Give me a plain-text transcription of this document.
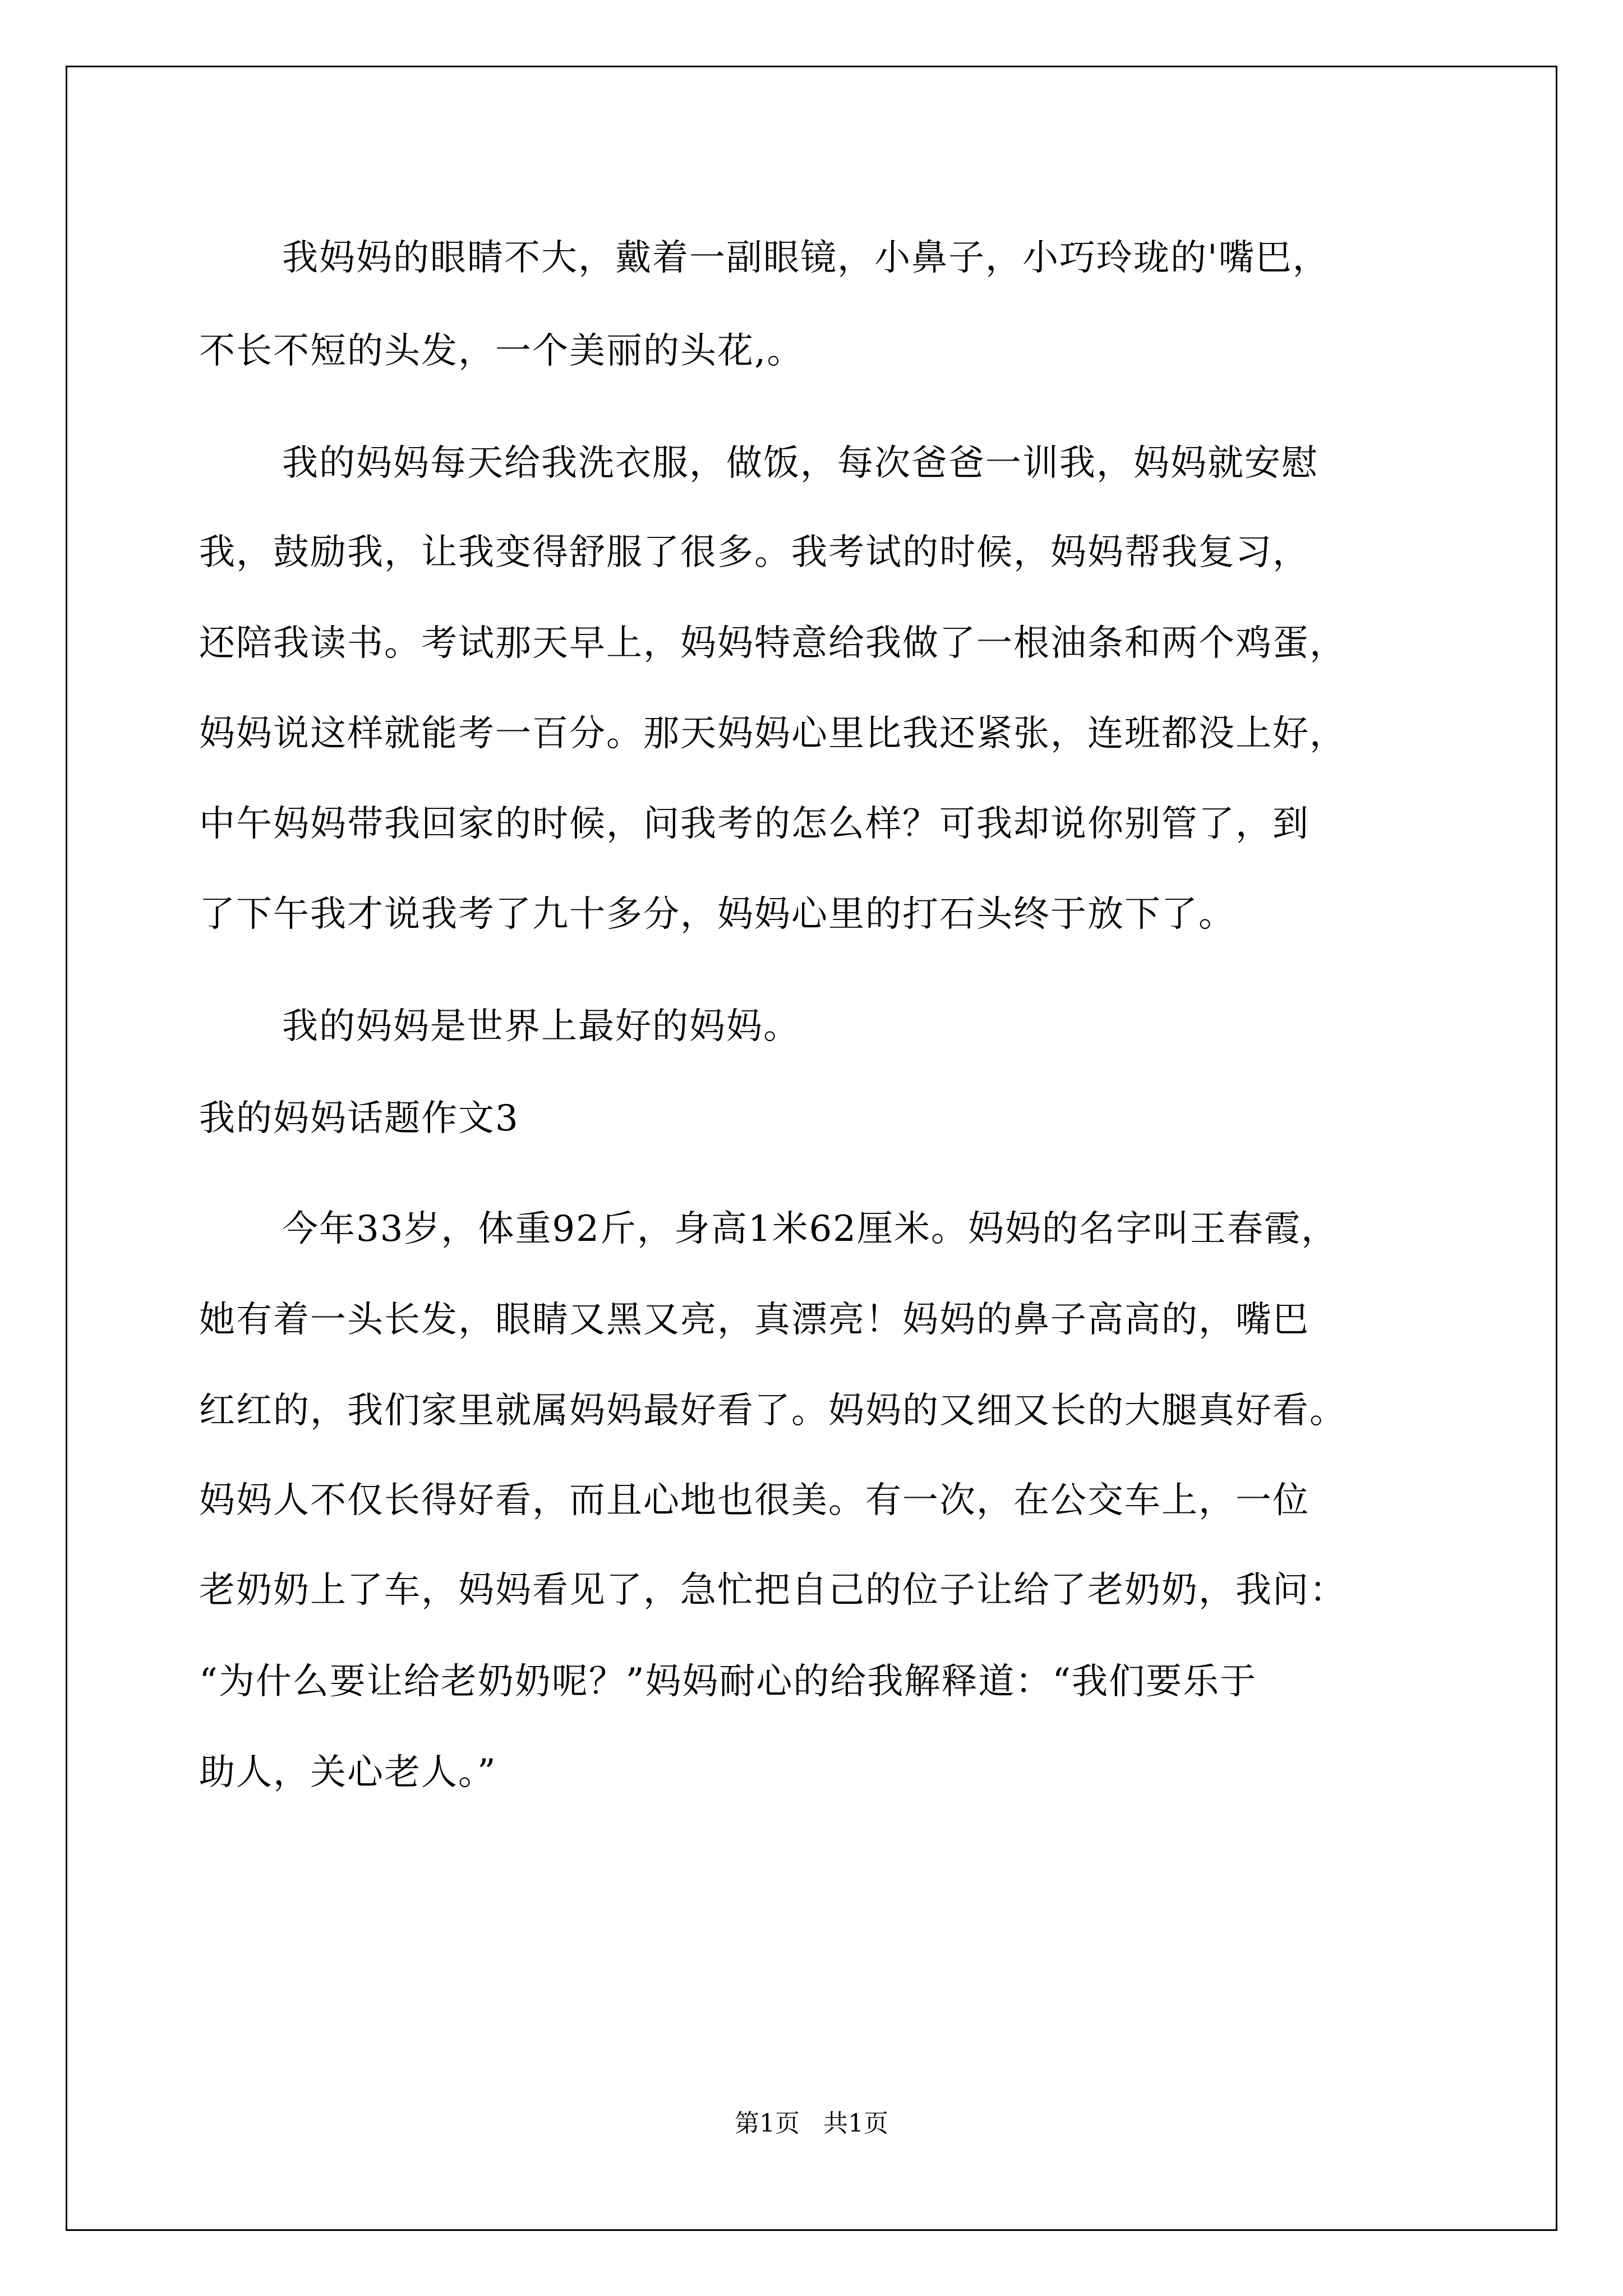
我妈妈的眼睛不大，戴着一副眼镜，小鼻子，小巧玲珑的'嘴巴，
不长不短的头发，一个美丽的头花,。
我的妈妈每天给我洗衣服，做饭，每次爸爸一训我，妈妈就安慰
我，鼓励我，让我变得舒服了很多。我考试的时候，妈妈帮我复习，
还陪我读书。考试那天早上，妈妈特意给我做了一根油条和两个鸡蛋，
妈妈说这样就能考一百分。那天妈妈心里比我还紧张，连班都没上好，
中午妈妈带我回家的时候，问我考的怎么样？可我却说你别管了，到
了下午我才说我考了九十多分，妈妈心里的打石头终于放下了。
我的妈妈是世界上最好的妈妈。
我的妈妈话题作文3
今年33岁，体重92斤，身高1米62厘米。妈妈的名字叫王春霞，
她有着一头长发，眼睛又黑又亮，真漂亮！妈妈的鼻子高高的，嘴巴
红红的，我们家里就属妈妈最好看了。妈妈的又细又长的大腿真好看。
妈妈人不仅长得好看，而且心地也很美。有一次，在公交车上，一位
老奶奶上了车，妈妈看见了，急忙把自己的位子让给了老奶奶，我问：
“为什么要让给老奶奶呢？”妈妈耐心的给我解释道：“我们要乐于
助人，关心老人。”
第1页   共1页
